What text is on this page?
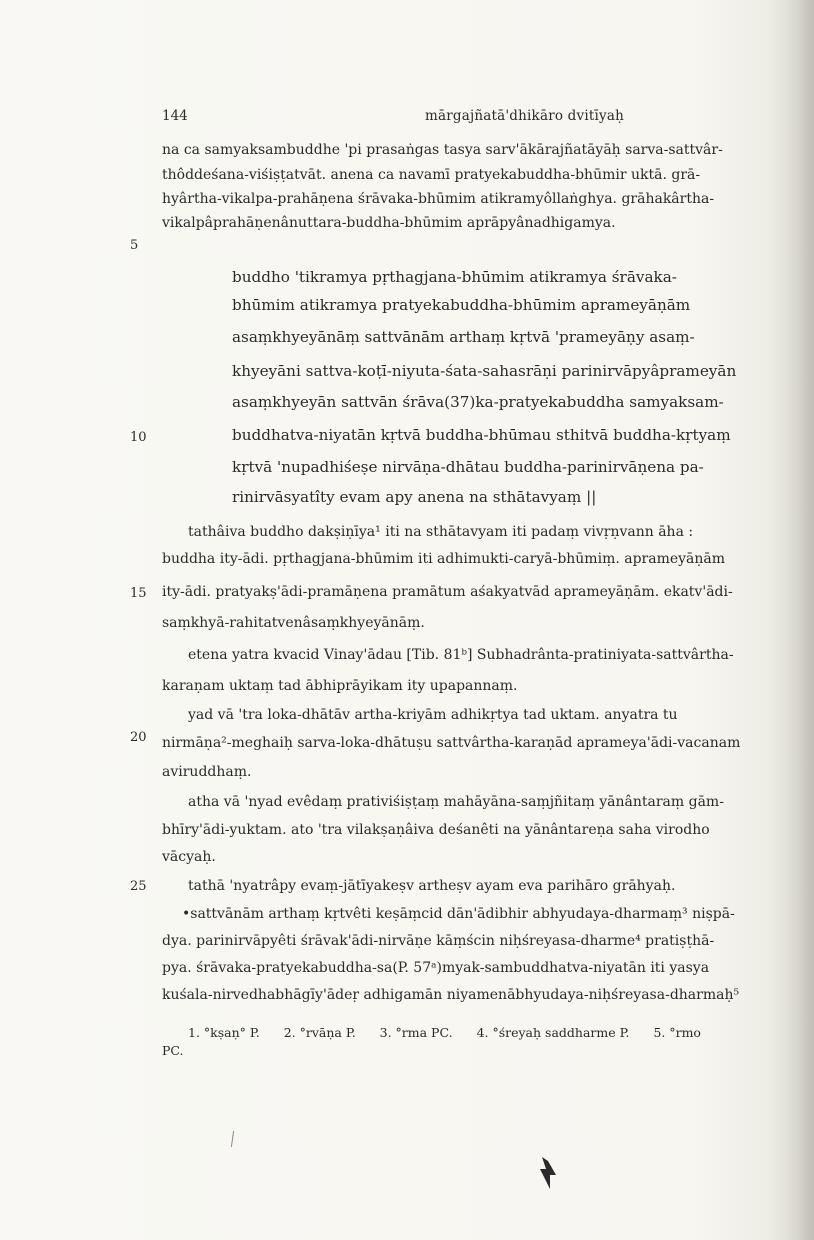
144	mārgajñatā'dhikāro dvitīyaḥ
5
10
15
20
25
na ca samyaksambuddhe 'pi prasaṅgas tasya sarv'ākārajñatāyāḥ sarva-sattvâr-
thôddeśana-viśiṣṭatvāt. anena ca navamī pratyekabuddha-bhūmir uktā. grā-
hyârtha-vikalpa-prahāṇena śrāvaka-bhūmim atikramyôllaṅghya. grāhakârtha-
vikalpâprahāṇenânuttara-buddha-bhūmim aprāpyânadhigamya.
buddho 'tikramya pṛthagjana-bhūmim atikramya śrāvaka-
bhūmim atikramya pratyekabuddha-bhūmim aprameyāṇām
asaṃkhyeyānāṃ sattvānām arthaṃ kṛtvā 'prameyāṇy asaṃ-
khyeyāni sattva-koṭī-niyuta-śata-sahasrāṇi parinirvāpyâprameyān
asaṃkhyeyān sattvān śrāva(37)ka-pratyekabuddha samyaksam-
buddhatva-niyatān kṛtvā buddha-bhūmau sthitvā buddha-kṛtyaṃ
kṛtvā 'nupadhiśeṣe nirvāṇa-dhātau buddha-parinirvāṇena pa-
rinirvāsyatîty evam apy anena na sthātavyaṃ ||
tathâiva buddho dakṣiṇīya¹ iti na sthātavyam iti padaṃ vivṛṇvann āha :
buddha ity-ādi. pṛthagjana-bhūmim iti adhimukti-caryā-bhūmiṃ. aprameyāṇām
ity-ādi. pratyakṣ'ādi-pramāṇena pramātum aśakyatvād aprameyāṇām. ekatv'ādi-
saṃkhyā-rahitatvenâsaṃkhyeyānāṃ.
etena yatra kvacid Vinay'ādau [Tib. 81ᵇ] Subhadrânta-pratiniyata-sattvârtha-
karaṇam uktaṃ tad ābhiprāyikam ity upapannaṃ.
yad vā 'tra loka-dhātāv artha-kriyām adhikṛtya tad uktam. anyatra tu
nirmāṇa²-meghaiḥ sarva-loka-dhātuṣu sattvârtha-karaṇād aprameya'ādi-vacanam
aviruddhaṃ.
atha vā 'nyad evêdaṃ prativiśiṣṭaṃ mahāyāna-saṃjñitaṃ yānântaraṃ gām-
bhīry'ādi-yuktam. ato 'tra vilakṣaṇâiva deśanêti na yānântareṇa saha virodho
vācyaḥ.
tathā 'nyatrâpy evaṃ-jātīyakeṣv artheṣv ayam eva parihāro grāhyaḥ.
•sattvānām arthaṃ kṛtvêti keṣāṃcid dān'ādibhir abhyudaya-dharmaṃ³ niṣpā-
dya. parinirvāpyêti śrāvak'ādi-nirvāṇe kāṃścin niḥśreyasa-dharme⁴ pratiṣṭhā-
pya. śrāvaka-pratyekabuddha-sa(P. 57ᵃ)myak-sambuddhatva-niyatān iti yasya
kuśala-nirvedhabhāgīy'ādeṛ adhigamān niyamenābhyudaya-niḥśreyasa-dharmaḥ⁵
1. °kṣaṇ° P. 2. °rvāṇa P. 3. °rma PC. 4. °śreyaḥ saddharme P. 5. °rmo
PC.
